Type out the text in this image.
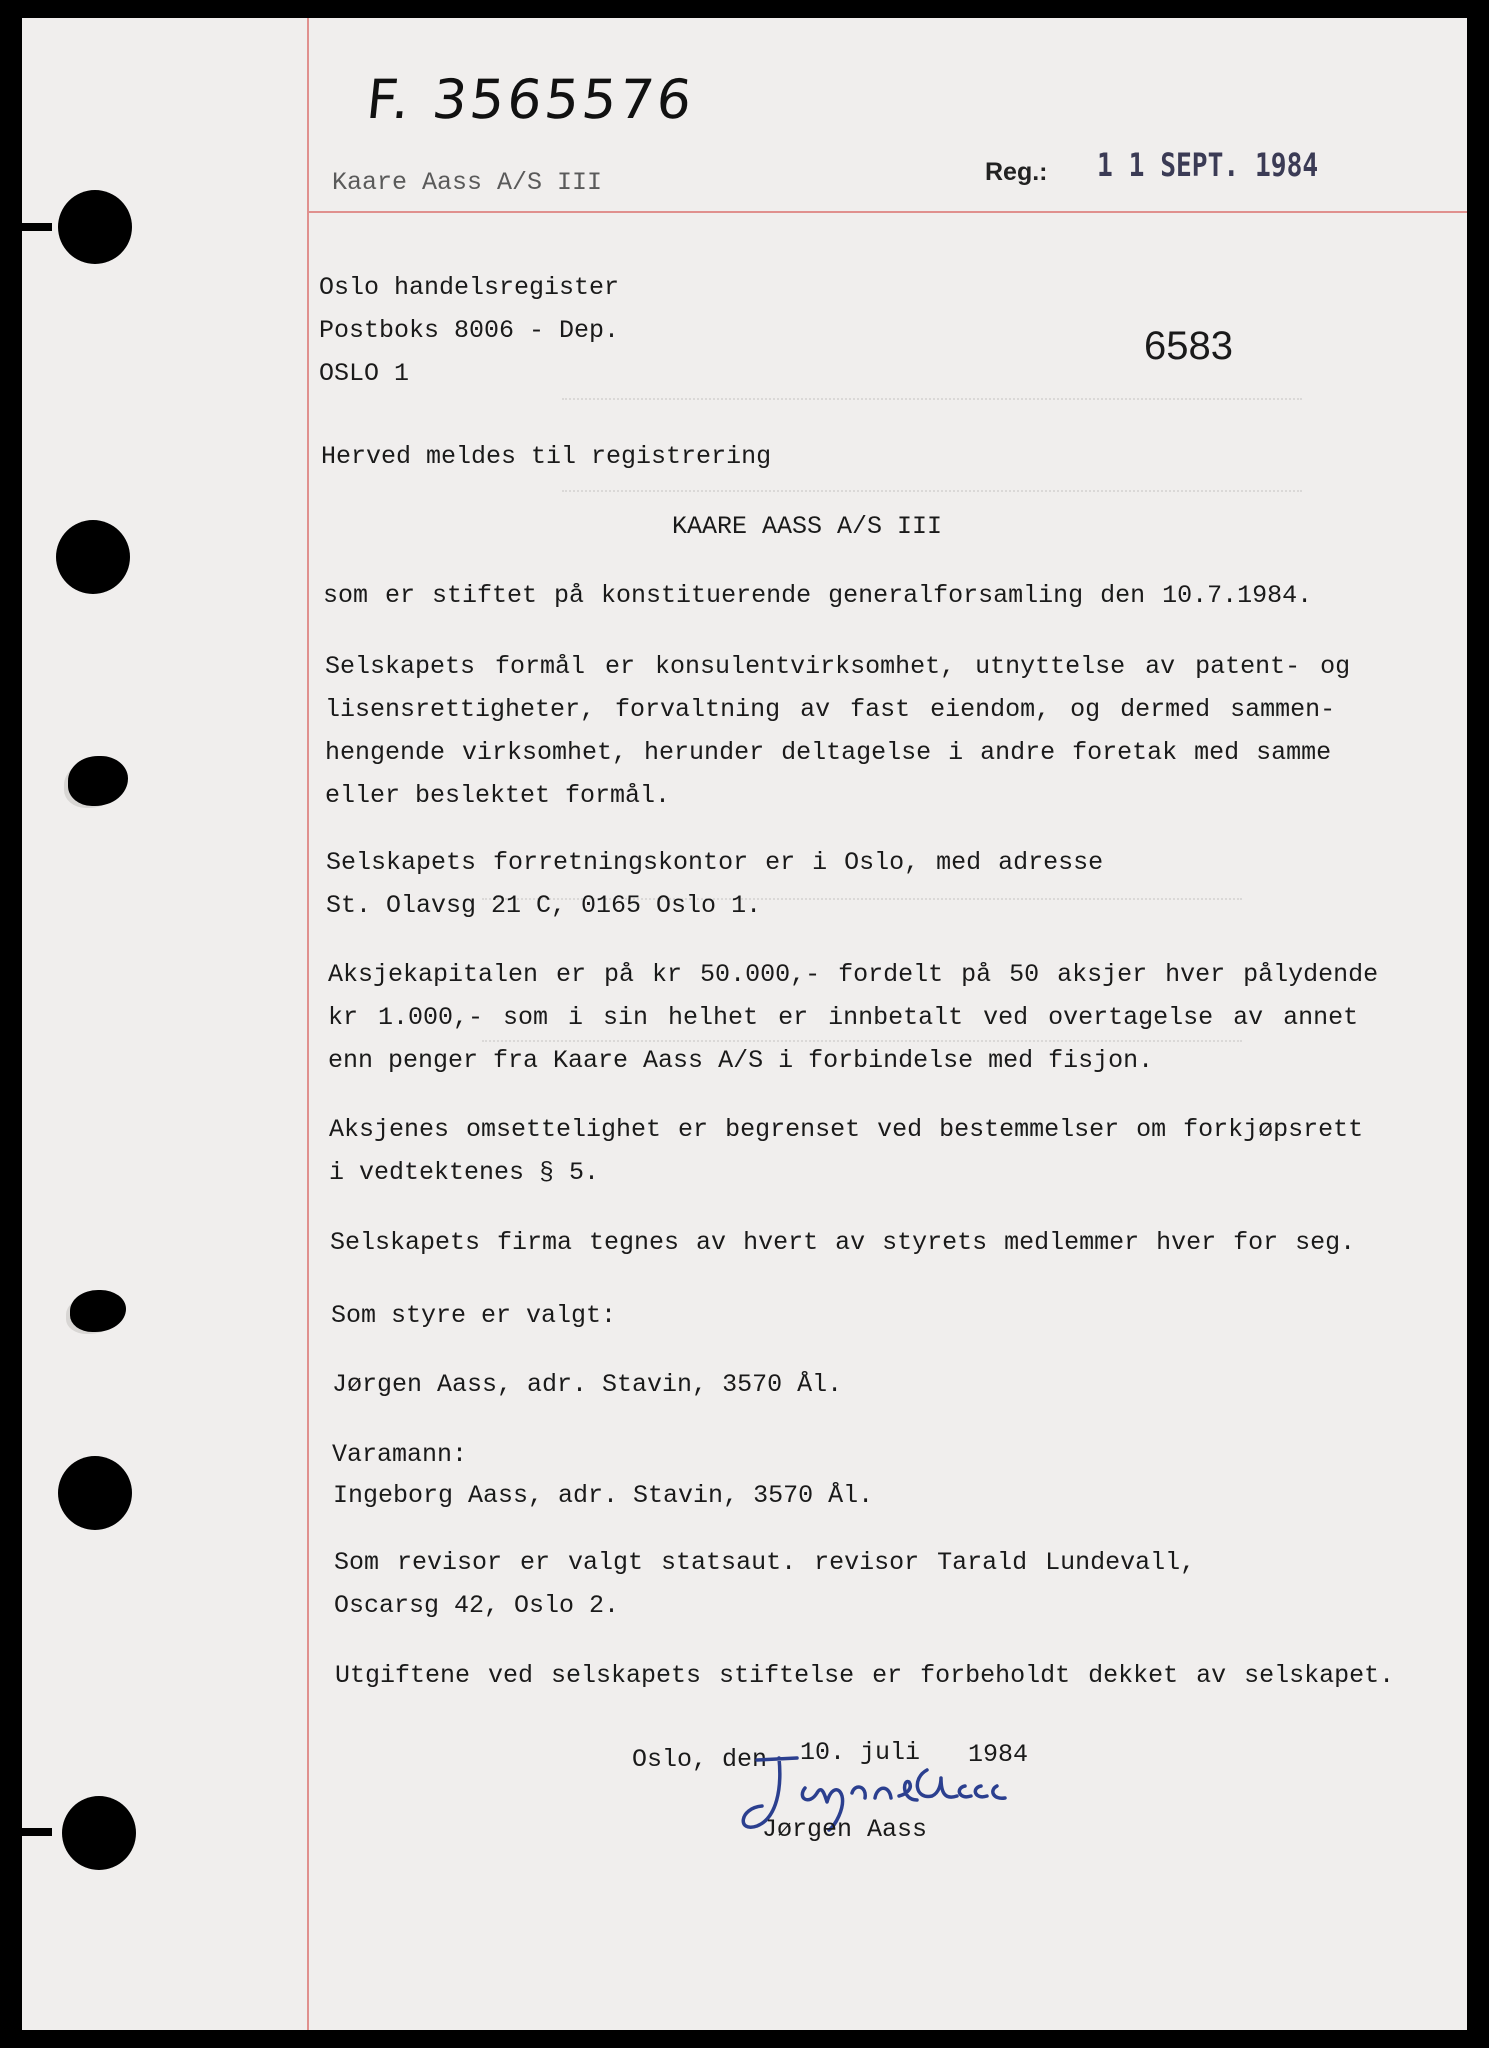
F. 3565576
Kaare Aass A/S III	Reg.: 1 1 SEPT. 1984
Oslo handelsregister
Postboks 8006 - Dep.
OSLO 1
6583
Herved meldes til registrering
KAARE AASS A/S III
som er stiftet på konstituerende generalforsamling den 10.7.1984.
Selskapets formål er konsulentvirksomhet, utnyttelse av patent- og
lisensrettigheter, forvaltning av fast eiendom, og dermed sammen-
hengende virksomhet, herunder deltagelse i andre foretak med samme
eller beslektet formål.
Selskapets forretningskontor er i Oslo, med adresse
St. Olavsg 21 C, 0165 Oslo 1.
Aksjekapitalen er på kr 50.000,- fordelt på 50 aksjer hver pålydende
kr 1.000,- som i sin helhet er innbetalt ved overtagelse av annet
enn penger fra Kaare Aass A/S i forbindelse med fisjon.
Aksjenes omsettelighet er begrenset ved bestemmelser om forkjøpsrett
i vedtektenes § 5.
Selskapets firma tegnes av hvert av styrets medlemmer hver for seg.
Som styre er valgt:
Jørgen Aass, adr. Stavin, 3570 Ål.
Varamann:
Ingeborg Aass, adr. Stavin, 3570 Ål.
Som revisor er valgt statsaut. revisor Tarald Lundevall,
Oscarsg 42, Oslo 2.
Utgiftene ved selskapets stiftelse er forbeholdt dekket av selskapet.
Oslo, den 10. juli 1984
Jørgen Aass
